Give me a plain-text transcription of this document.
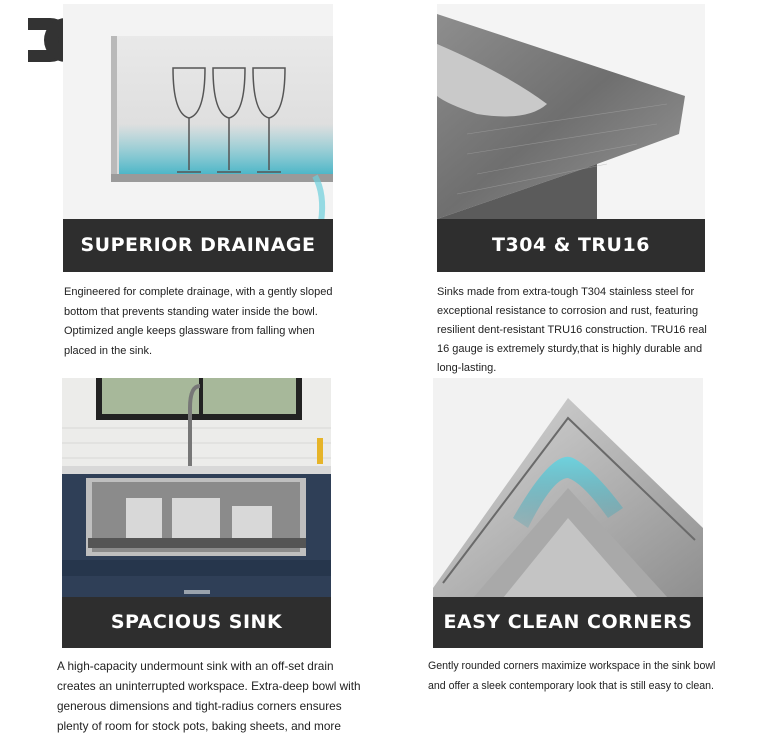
SUPERIOR DRAINAGE

Engineered for complete drainage, with a gently sloped

bottom that prevents standing water inside the bowl.

Optimized angle keeps glassware from falling when

placed in the sink.

T304 & TRU16

Sinks made from extra-tough T304 stainless steel for

exceptional resistance to corrosion and rust, featuring

resilient dent-resistant TRU16 construction. TRU16 real

16 gauge is extremely sturdy,that is highly durable and

long-lasting.

SPACIOUS SINK

A high-capacity undermount sink with an off-set drain

creates an uninterrupted workspace. Extra-deep bowl with

generous dimensions and tight-radius corners ensures

plenty of room for stock pots, baking sheets, and more

EASY CLEAN CORNERS

Gently rounded corners maximize workspace in the sink bowl

and offer a sleek contemporary look that is still easy to clean.
